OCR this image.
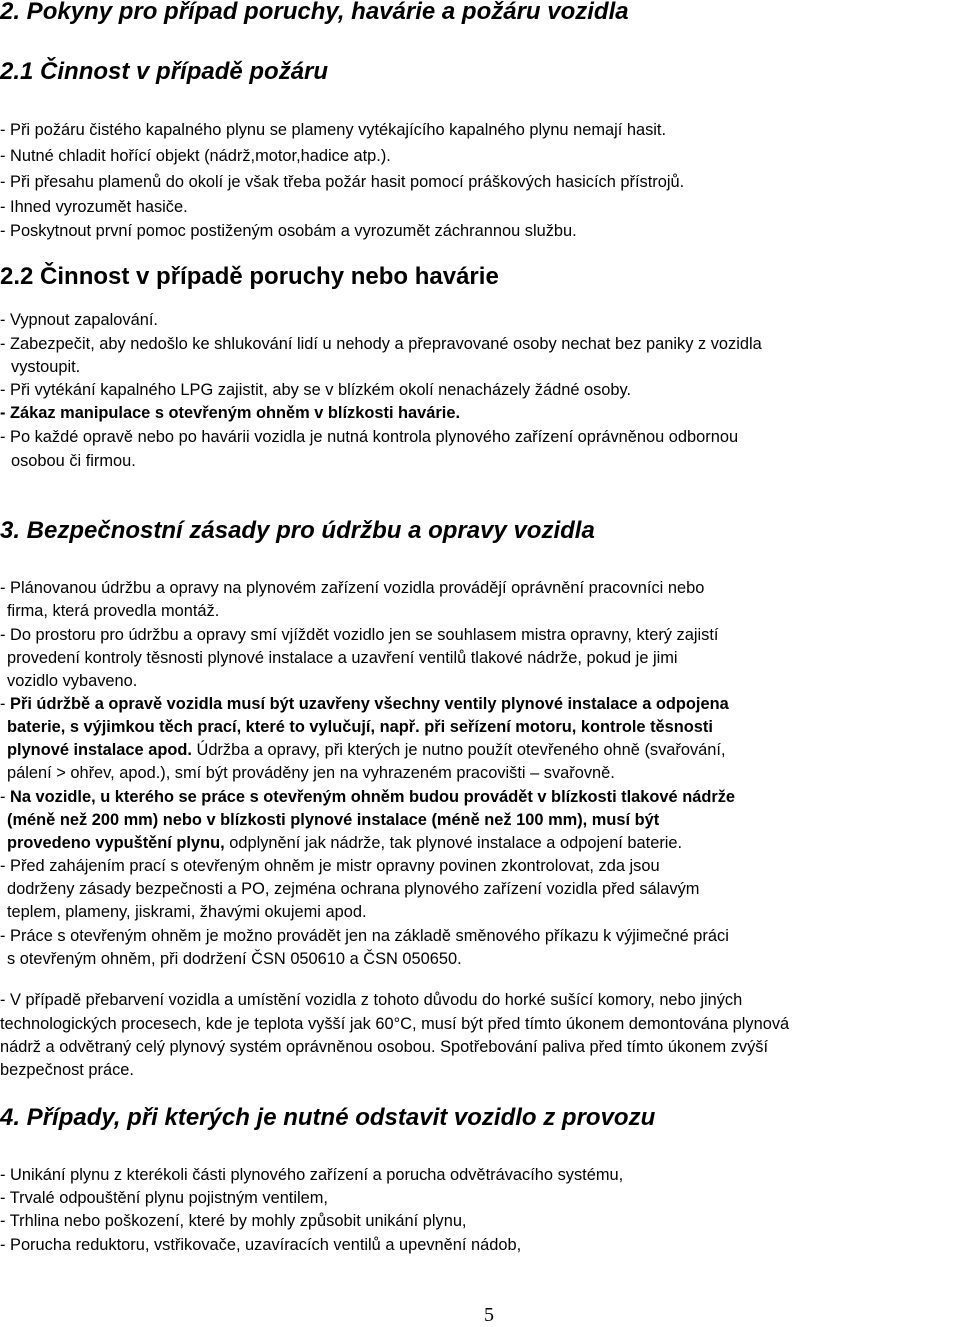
2. Pokyny pro případ poruchy, havárie a požáru vozidla
2.1 Činnost v případě požáru
- Při požáru čistého kapalného plynu se plameny vytékajícího kapalného plynu nemají hasit.
- Nutné chladit hořící objekt (nádrž,motor,hadice atp.).
- Při přesahu plamenů do okolí je však třeba požár hasit pomocí práškových hasicích přístrojů.
- Ihned vyrozumět hasiče.
- Poskytnout první pomoc postiženým osobám a vyrozumět záchrannou službu.
2.2 Činnost v případě poruchy nebo havárie
- Vypnout zapalování.
- Zabezpečit, aby nedošlo ke shlukování lidí u nehody a přepravované osoby nechat bez paniky z vozidla
vystoupit.
- Při vytékání kapalného LPG zajistit, aby se v blízkém okolí nenacházely žádné osoby.
- Zákaz manipulace s otevřeným ohněm v blízkosti havárie.
- Po každé opravě nebo po havárii vozidla je nutná kontrola plynového zařízení oprávněnou odbornou
osobou či firmou.
3. Bezpečnostní zásady pro údržbu a opravy vozidla
- Plánovanou údržbu a opravy na plynovém zařízení vozidla provádějí oprávnění pracovníci nebo
firma, která provedla montáž.
- Do prostoru pro údržbu a opravy smí vjíždět vozidlo jen se souhlasem mistra opravny, který zajistí
provedení kontroly těsnosti plynové instalace a uzavření ventilů tlakové nádrže, pokud je jimi
vozidlo vybaveno.
- Při údržbě a opravě vozidla musí být uzavřeny všechny ventily plynové instalace a odpojena
baterie, s výjimkou těch prací, které to vylučují, např. při seřízení motoru, kontrole těsnosti
plynové instalace apod. Údržba a opravy, při kterých je nutno použít otevřeného ohně (svařování,
pálení > ohřev, apod.), smí být prováděny jen na vyhrazeném pracovišti – svařovně.
- Na vozidle, u kterého se práce s otevřeným ohněm budou provádět v blízkosti tlakové nádrže
(méně než 200 mm) nebo v blízkosti plynové instalace (méně než 100 mm), musí být
provedeno vypuštění plynu, odplynění jak nádrže, tak plynové instalace a odpojení baterie.
- Před zahájením prací s otevřeným ohněm je mistr opravny povinen zkontrolovat, zda jsou
dodrženy zásady bezpečnosti a PO, zejména ochrana plynového zařízení vozidla před sálavým
teplem, plameny, jiskrami, žhavými okujemi apod.
- Práce s otevřeným ohněm je možno provádět jen na základě směnového příkazu k výjimečné práci
s otevřeným ohněm, při dodržení ČSN 050610 a ČSN 050650.
- V případě přebarvení vozidla a umístění vozidla z tohoto důvodu do horké sušící komory, nebo jiných
technologických procesech, kde je teplota vyšší jak 60°C, musí být před tímto úkonem demontována plynová
nádrž a odvětraný celý plynový systém oprávněnou osobou. Spotřebování paliva před tímto úkonem zvýší
bezpečnost práce.
4. Případy, při kterých je nutné odstavit vozidlo z provozu
- Unikání plynu z kterékoli části plynového zařízení a porucha odvětrávacího systému,
- Trvalé odpouštění plynu pojistným ventilem,
- Trhlina nebo poškození, které by mohly způsobit unikání plynu,
- Porucha reduktoru, vstřikovače, uzavíracích ventilů a upevnění nádob,
5
